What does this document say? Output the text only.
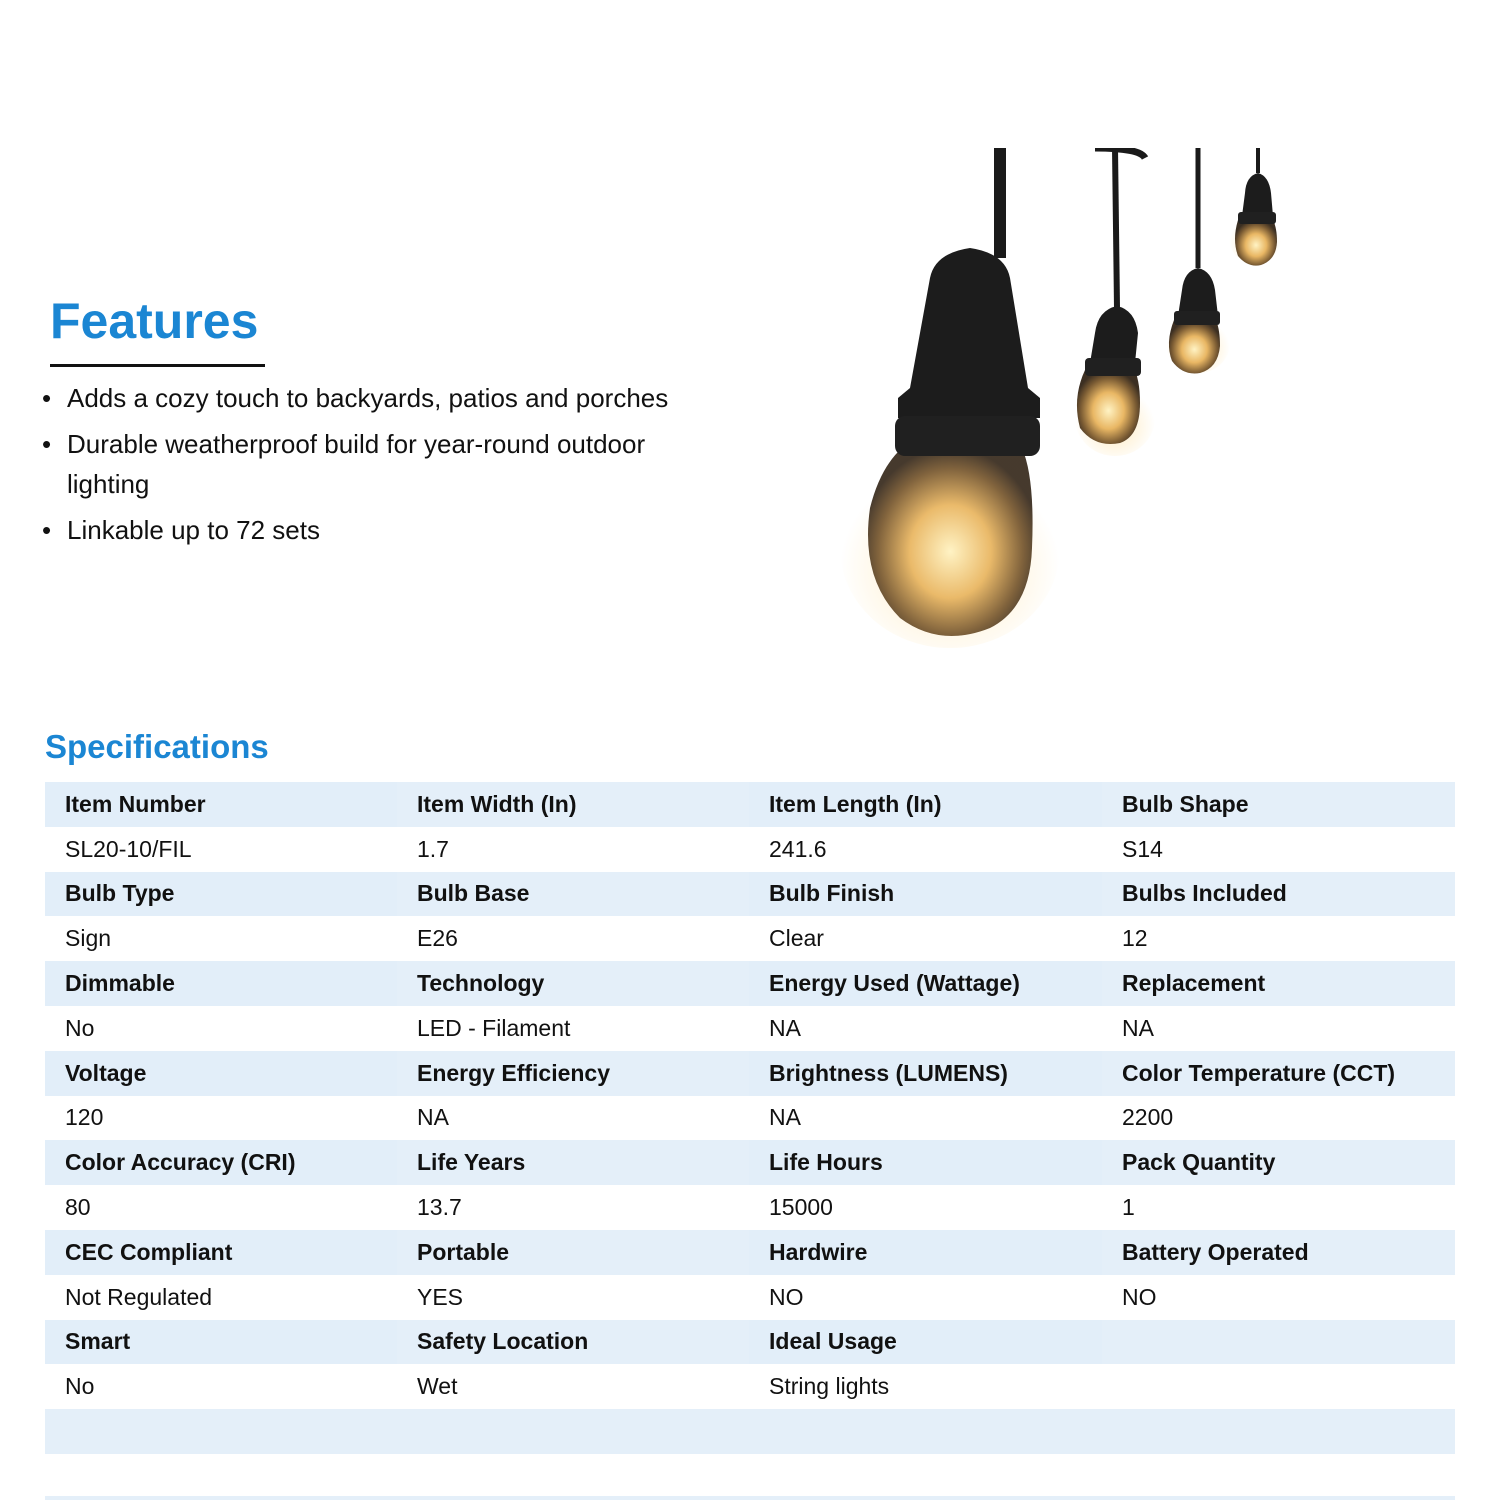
Features
• Adds a cozy touch to backyards, patios and porches
• Durable weatherproof build for year-round outdoor lighting
• Linkable up to 72 sets
Specifications
Item Number	Item Width (In)	Item Length (In)	Bulb Shape
SL20-10/FIL	1.7	241.6	S14
Bulb Type	Bulb Base	Bulb Finish	Bulbs Included
Sign	E26	Clear	12
Dimmable	Technology	Energy Used (Wattage)	Replacement
No	LED - Filament	NA	NA
Voltage	Energy Efficiency	Brightness (LUMENS)	Color Temperature (CCT)
120	NA	NA	2200
Color Accuracy (CRI)	Life Years	Life Hours	Pack Quantity
80	13.7	15000	1
CEC Compliant	Portable	Hardwire	Battery Operated
Not Regulated	YES	NO	NO
Smart	Safety Location	Ideal Usage	
No	Wet	String lights	
